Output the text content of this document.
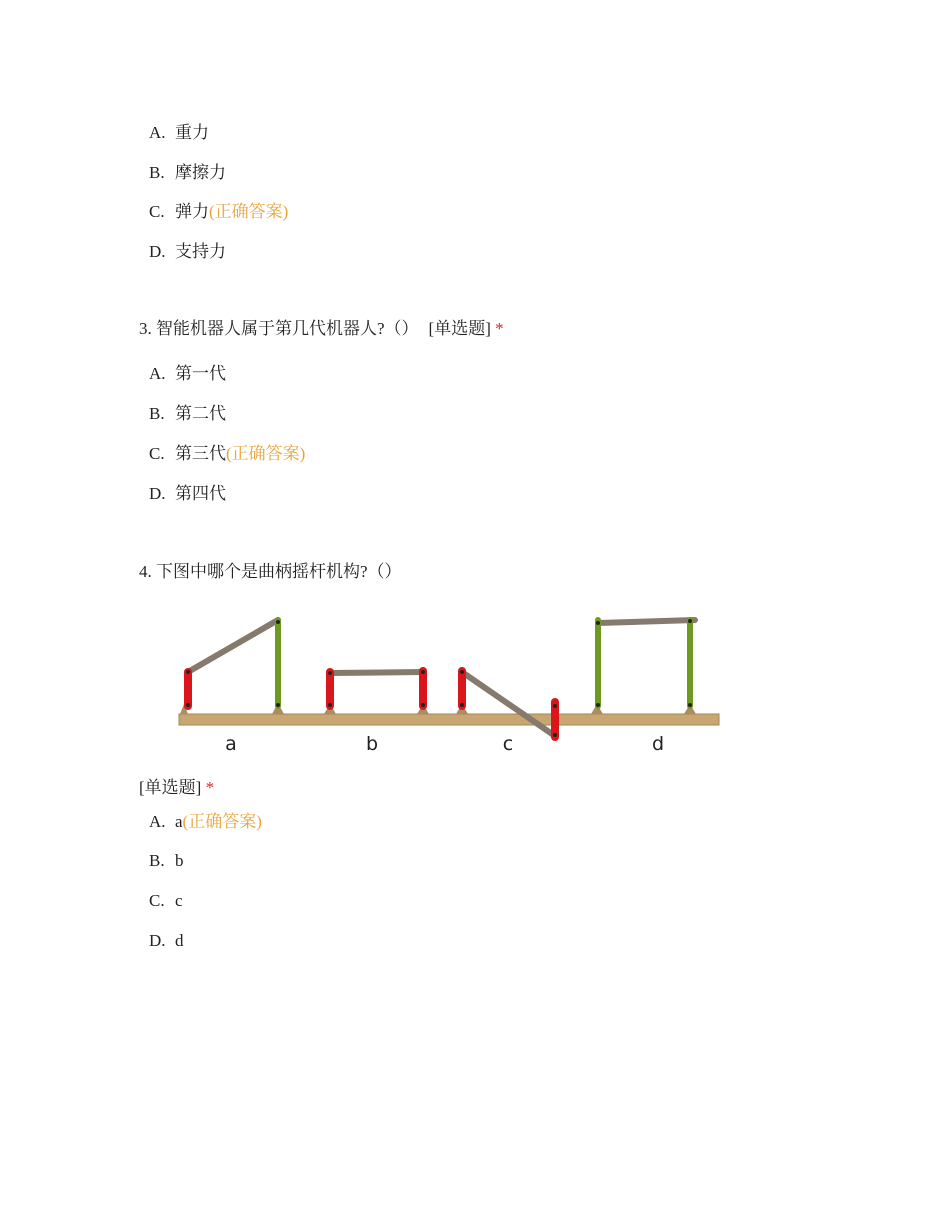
A. 重力
B. 摩擦力
C. 弹力(正确答案)
D. 支持力
3. 智能机器人属于第几代机器人?（） [单选题] *
A. 第一代
B. 第二代
C. 第三代(正确答案)
D. 第四代
4. 下图中哪个是曲柄摇杆机构?（）
a	b	c	d
[单选题] *
A. a(正确答案)
B. b
C. c
D. d
